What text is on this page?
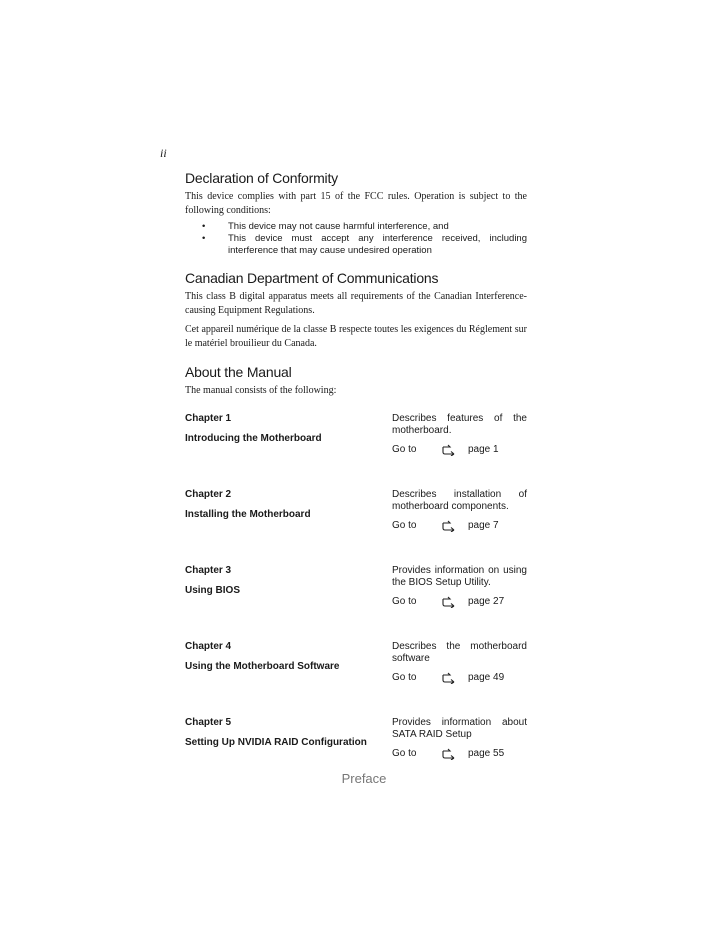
ii
Declaration of Conformity

This device complies with part 15 of the FCC rules. Operation is subject to the following conditions:

• This device may not cause harmful interference, and
• This device must accept any interference received, including interference that may cause undesired operation
Canadian Department of Communications

This class B digital apparatus meets all requirements of the Canadian Interference-causing Equipment Regulations.

Cet appareil numérique de la classe B respecte toutes les exigences du Réglement sur le matériel brouilieur du Canada.

About the Manual

The manual consists of the following:

Chapter 1
Introducing the Motherboard
Describes features of the motherboard.
Go to	page 1
Chapter 2
Installing the Motherboard
Describes installation of motherboard components.
Go to	page 7
Chapter 3
Using BIOS
Provides information on using the BIOS Setup Utility.
Go to	page 27
Chapter 4
Using the Motherboard Software
Describes the motherboard software
Go to	page 49
Chapter 5
Setting Up NVIDIA RAID Configuration
Provides information about SATA RAID Setup
Go to	page 55
Preface
